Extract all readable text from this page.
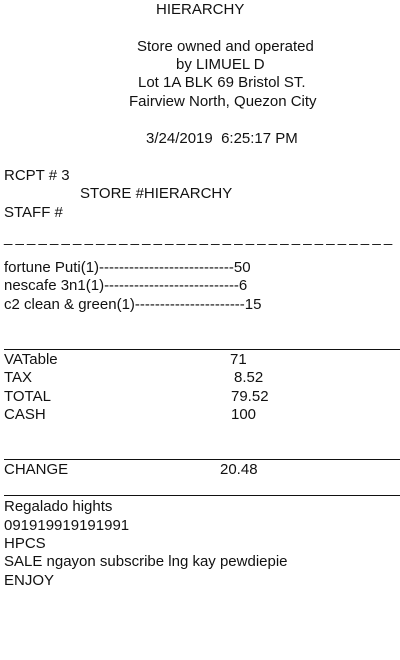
HIERARCHY
Store owned and operated
by LIMUEL D
Lot 1A BLK 69 Bristol ST.
Fairview North, Quezon City
3/24/2019  6:25:17 PM
RCPT # 3
STORE #HIERARCHY
STAFF #
_ _ _ _ _ _ _ _ _ _ _ _ _ _ _ _ _ _ _ _ _ _ _ _ _ _ _ _ _ _ _ _ _ _
fortune Puti(1)---------------------------50
nescafe 3n1(1)---------------------------6
c2 clean & green(1)----------------------15
VATable	71
TAX	8.52
TOTAL	79.52
CASH	100
CHANGE	20.48
Regalado hights
091919919191991
HPCS
SALE ngayon subscribe lng kay pewdiepie
ENJOY
